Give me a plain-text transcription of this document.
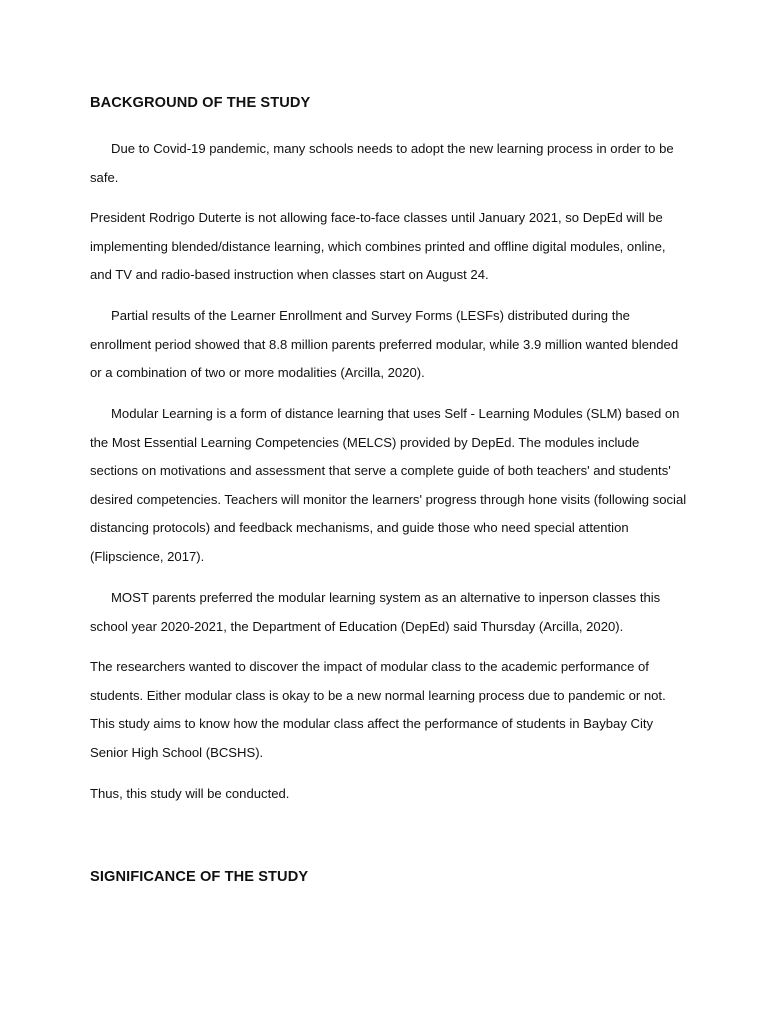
BACKGROUND OF THE STUDY

Due to Covid-19 pandemic, many schools needs to adopt the new learning process in order to be safe.

President Rodrigo Duterte is not allowing face-to-face classes until January 2021, so DepEd will be implementing blended/distance learning, which combines printed and offline digital modules, online, and TV and radio-based instruction when classes start on August 24.

Partial results of the Learner Enrollment and Survey Forms (LESFs) distributed during the enrollment period showed that 8.8 million parents preferred modular, while 3.9 million wanted blended or a combination of two or more modalities (Arcilla, 2020).

Modular Learning is a form of distance learning that uses Self - Learning Modules (SLM) based on the Most Essential Learning Competencies (MELCS) provided by DepEd. The modules include sections on motivations and assessment that serve a complete guide of both teachers' and students' desired competencies. Teachers will monitor the learners' progress through hone visits (following social distancing protocols) and feedback mechanisms, and guide those who need special attention (Flipscience, 2017).

MOST parents preferred the modular learning system as an alternative to inperson classes this school year 2020-2021, the Department of Education (DepEd) said Thursday (Arcilla, 2020).

The researchers wanted to discover the impact of modular class to the academic performance of students. Either modular class is okay to be a new normal learning process due to pandemic or not. This study aims to know how the modular class affect the performance of students in Baybay City Senior High School (BCSHS).

Thus, this study will be conducted.

SIGNIFICANCE OF THE STUDY
